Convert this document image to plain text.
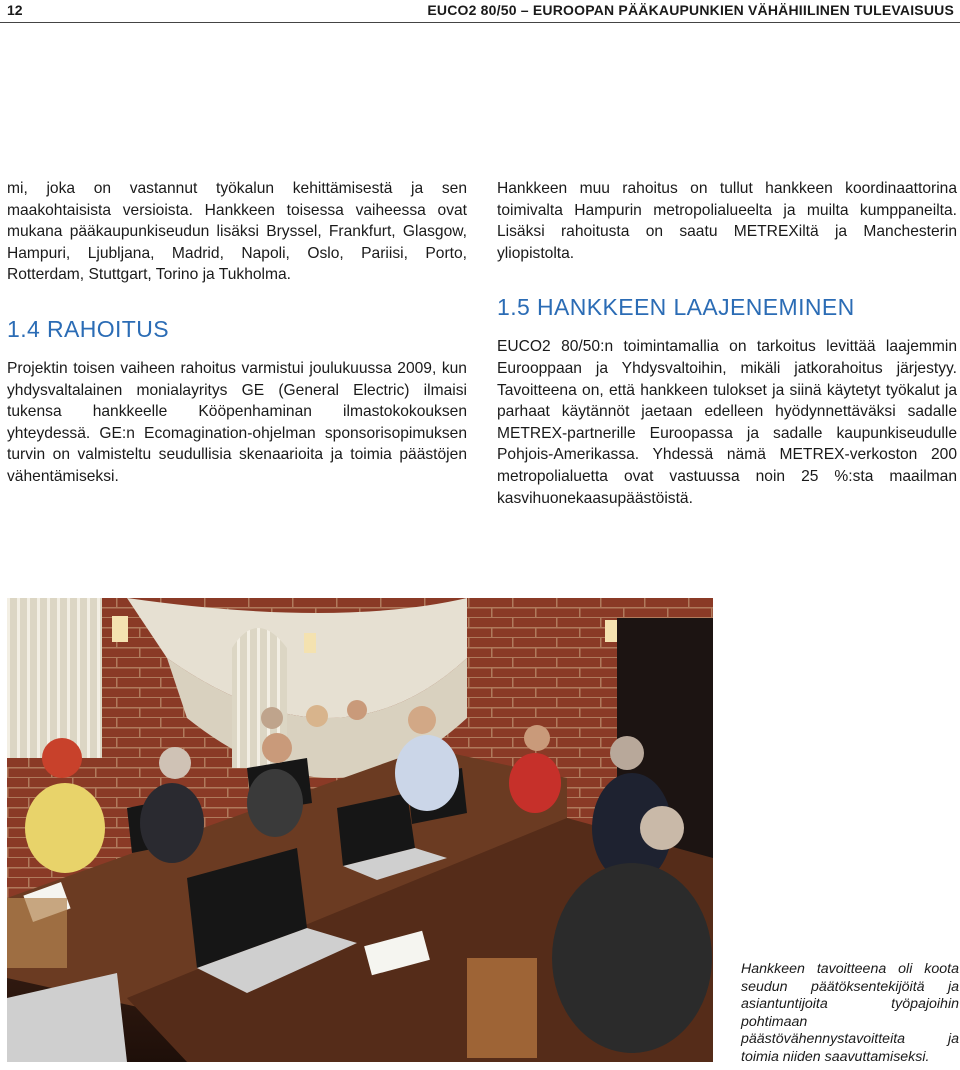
12	EUCO2 80/50 – EUROOPAN PÄÄKAUPUNKIEN VÄHÄHIILINEN TULEVAISUUS

mi, joka on vastannut työkalun kehittämisestä ja sen maakohtaisista versioista. Hankkeen toisessa vaiheessa ovat mukana pääkaupunkiseudun lisäksi Bryssel, Frankfurt, Glasgow, Hampuri, Ljubljana, Madrid, Napoli, Oslo, Pariisi, Porto, Rotterdam, Stuttgart, Torino ja Tukholma.

1.4 RAHOITUS

Projektin toisen vaiheen rahoitus varmistui joulukuussa 2009, kun yhdysvaltalainen monialayritys GE (General Electric) ilmaisi tukensa hankkeelle Kööpenhaminan ilmastokokouksen yhteydessä. GE:n Ecomagination-ohjelman sponsorisopimuksen turvin on valmisteltu seudullisia skenaarioita ja toimia päästöjen vähentämiseksi.

Hankkeen muu rahoitus on tullut hankkeen koordinaattorina toimivalta Hampurin metropolialueelta ja muilta kumppaneilta. Lisäksi rahoitusta on saatu METREXiltä ja Manchesterin yliopistolta.

1.5 HANKKEEN LAAJENEMINEN

EUCO2 80/50:n toimintamallia on tarkoitus levittää laajemmin Eurooppaan ja Yhdysvaltoihin, mikäli jatkorahoitus järjestyy. Tavoitteena on, että hankkeen tulokset ja siinä käytetyt työkalut ja parhaat käytännöt jaetaan edelleen hyödynnettäväksi sadalle METREX-partnerille Euroopassa ja sadalle kaupunkiseudulle Pohjois-Amerikassa. Yhdessä nämä METREX-verkoston 200 metropolialuetta ovat vastuussa noin 25 %:sta maailman kasvihuonekaasupäästöistä.

Hankkeen tavoitteena oli koota seudun päätöksentekijöitä ja asiantuntijoita työpajoihin pohtimaan päästövähennystavoitteita ja toimia niiden saavuttamiseksi.
